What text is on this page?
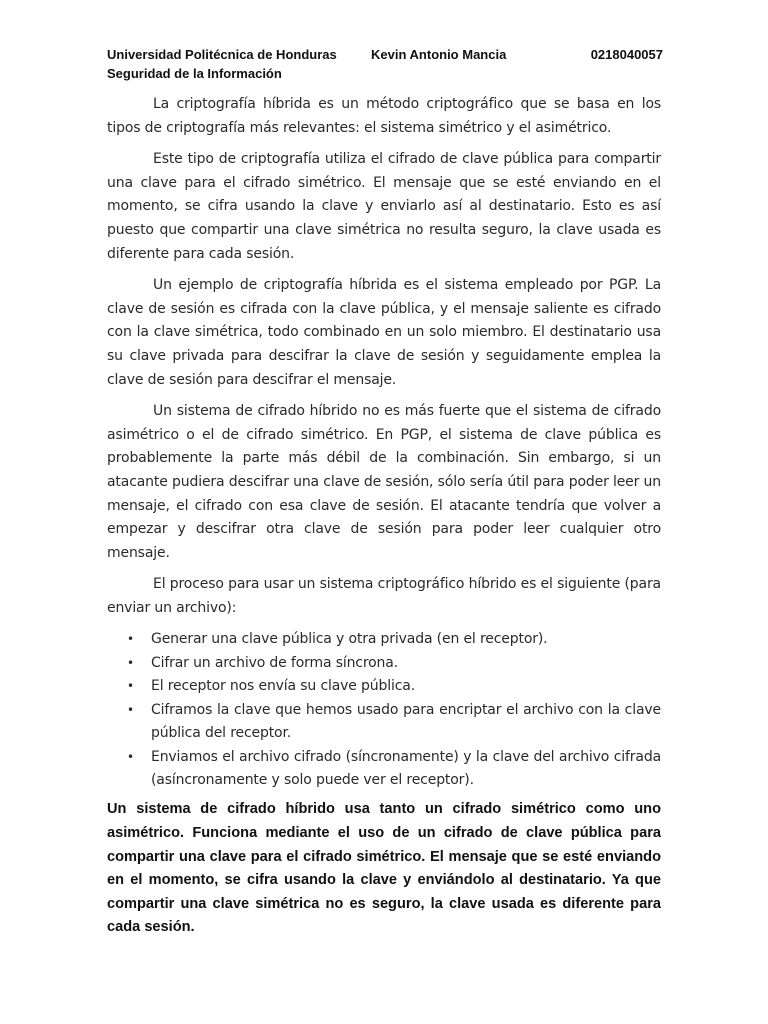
Universidad Politécnica de Honduras	Kevin Antonio Mancia	0218040057
Seguridad de la Información

La criptografía híbrida es un método criptográfico que se basa en los tipos de criptografía más relevantes: el sistema simétrico y el asimétrico.

Este tipo de criptografía utiliza el cifrado de clave pública para compartir una clave para el cifrado simétrico. El mensaje que se esté enviando en el momento, se cifra usando la clave y enviarlo así al destinatario. Esto es así puesto que compartir una clave simétrica no resulta seguro, la clave usada es diferente para cada sesión.

Un ejemplo de criptografía híbrida es el sistema empleado por PGP. La clave de sesión es cifrada con la clave pública, y el mensaje saliente es cifrado con la clave simétrica, todo combinado en un solo miembro. El destinatario usa su clave privada para descifrar la clave de sesión y seguidamente emplea la clave de sesión para descifrar el mensaje.

Un sistema de cifrado híbrido no es más fuerte que el sistema de cifrado asimétrico o el de cifrado simétrico. En PGP, el sistema de clave pública es probablemente la parte más débil de la combinación. Sin embargo, si un atacante pudiera descifrar una clave de sesión, sólo sería útil para poder leer un mensaje, el cifrado con esa clave de sesión. El atacante tendría que volver a empezar y descifrar otra clave de sesión para poder leer cualquier otro mensaje.

El proceso para usar un sistema criptográfico híbrido es el siguiente (para enviar un archivo):

• Generar una clave pública y otra privada (en el receptor).
• Cifrar un archivo de forma síncrona.
• El receptor nos envía su clave pública.
• Ciframos la clave que hemos usado para encriptar el archivo con la clave pública del receptor.
• Enviamos el archivo cifrado (síncronamente) y la clave del archivo cifrada (asíncronamente y solo puede ver el receptor).

Un sistema de cifrado híbrido usa tanto un cifrado simétrico como uno asimétrico. Funciona mediante el uso de un cifrado de clave pública para compartir una clave para el cifrado simétrico. El mensaje que se esté enviando en el momento, se cifra usando la clave y enviándolo al destinatario. Ya que compartir una clave simétrica no es seguro, la clave usada es diferente para cada sesión.
